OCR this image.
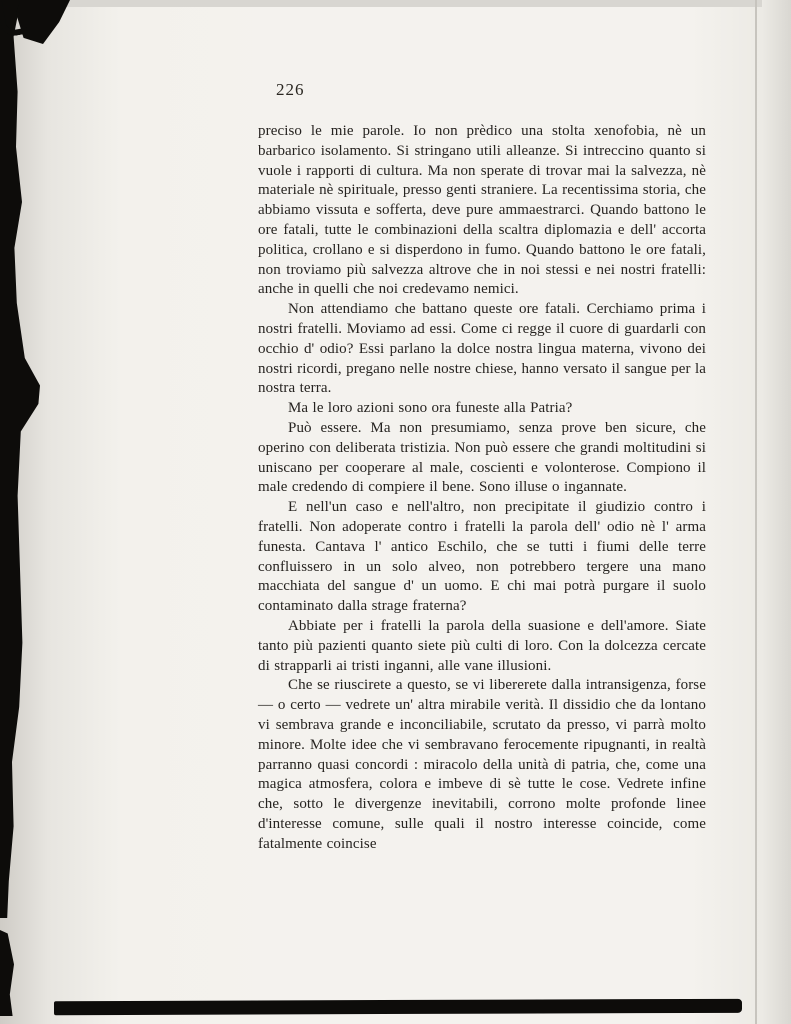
226

preciso le mie parole. Io non prèdico una stolta xenofobia, nè un barbarico isolamento. Si stringano utili alleanze. Si intreccino quanto si vuole i rapporti di cultura. Ma non sperate di trovar mai la salvezza, nè materiale nè spirituale, presso genti straniere. La recentissima storia, che abbiamo vissuta e sofferta, deve pure ammaestrarci. Quando battono le ore fatali, tutte le combinazioni della scaltra diplomazia e dell' accorta politica, crollano e si disperdono in fumo. Quando battono le ore fatali, non troviamo più salvezza altrove che in noi stessi e nei nostri fratelli: anche in quelli che noi credevamo nemici.

Non attendiamo che battano queste ore fatali. Cerchiamo prima i nostri fratelli. Moviamo ad essi. Come ci regge il cuore di guardarli con occhio d' odio? Essi parlano la dolce nostra lingua materna, vivono dei nostri ricordi, pregano nelle nostre chiese, hanno versato il sangue per la nostra terra.

Ma le loro azioni sono ora funeste alla Patria?

Può essere. Ma non presumiamo, senza prove ben sicure, che operino con deliberata tristizia. Non può essere che grandi moltitudini si uniscano per cooperare al male, coscienti e volonterose. Compiono il male credendo di compiere il bene. Sono illuse o ingannate.

E nell'un caso e nell'altro, non precipitate il giudizio contro i fratelli. Non adoperate contro i fratelli la parola dell' odio nè l' arma funesta. Cantava l' antico Eschilo, che se tutti i fiumi delle terre confluissero in un solo alveo, non potrebbero tergere una mano macchiata del sangue d' un uomo. E chi mai potrà purgare il suolo contaminato dalla strage fraterna?

Abbiate per i fratelli la parola della suasione e dell'amore. Siate tanto più pazienti quanto siete più culti di loro. Con la dolcezza cercate di strapparli ai tristi inganni, alle vane illusioni.

Che se riuscirete a questo, se vi libererete dalla intransigenza, forse — o certo — vedrete un' altra mirabile verità. Il dissidio che da lontano vi sembrava grande e inconciliabile, scrutato da presso, vi parrà molto minore. Molte idee che vi sembravano ferocemente ripugnanti, in realtà parranno quasi concordi : miracolo della unità di patria, che, come una magica atmosfera, colora e imbeve di sè tutte le cose. Vedrete infine che, sotto le divergenze inevitabili, corrono molte profonde linee d'interesse comune, sulle quali il nostro interesse coincide, come fatalmente coincise
